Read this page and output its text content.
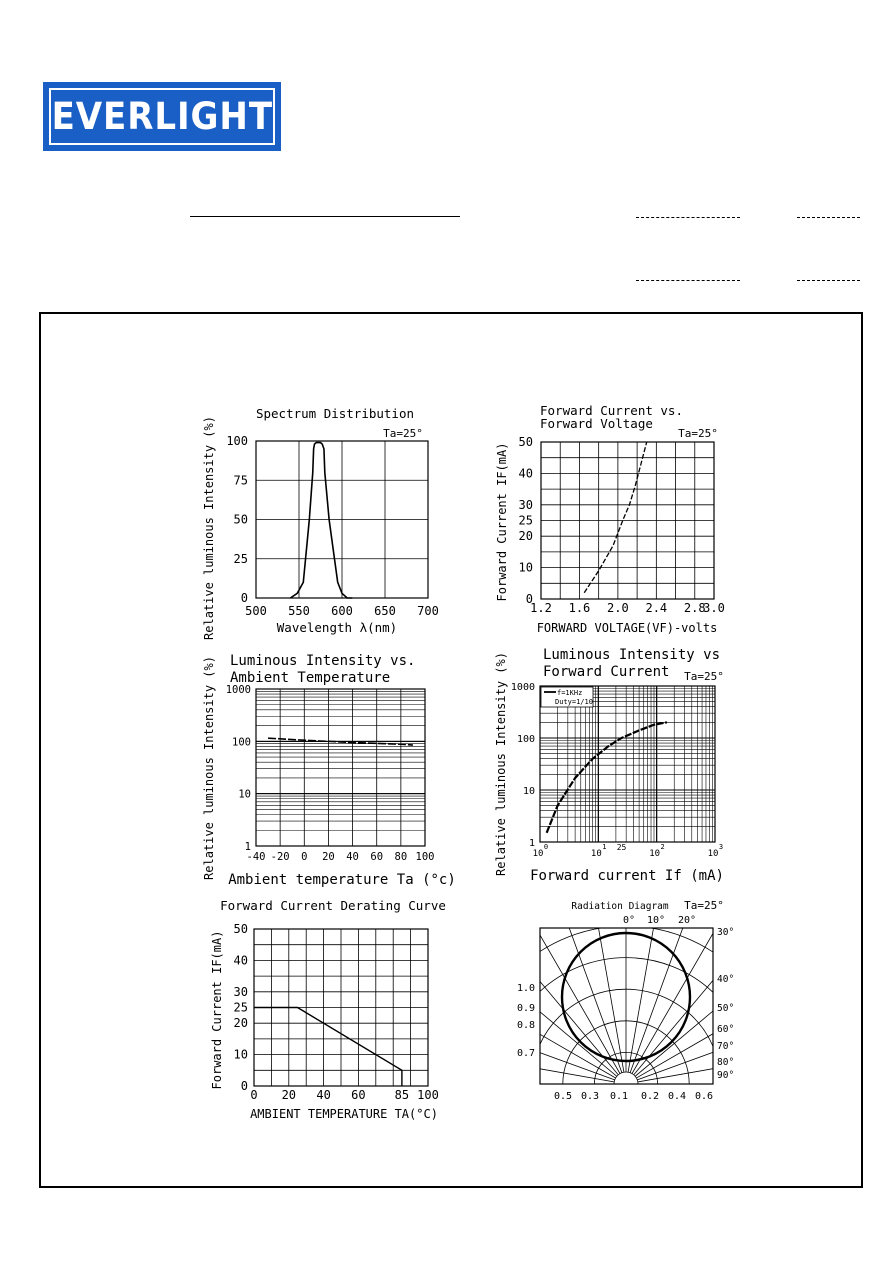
EVERLIGHT
Spectrum Distribution
Ta=25°
500 550 600 650 700
0
25
50
75
100
Wavelength λ(nm)
Relative luminous Intensity (%)
Forward Current vs.
Forward Voltage
Ta=25°
1.2 1.6 2.0 2.4 2.8
3.0
0
10
20
25
30
40
50
FORWARD VOLTAGE(VF)-volts
Forward Current IF(mA)
Luminous Intensity vs.
Ambient Temperature
-40 -20 0 20 40 60 80 100
1
10
100
1000
Ambient temperature Ta (°c)
Relative luminous Intensity (%)
Luminous Intensity vs
Forward Current Ta=25°
10
0
10
1 25
10
2
10
3
1
10
100
1000
Forward current If (mA)
Relative luminous Intensity (%)	f=1KHz
Duty=1/10
Forward Current Derating Curve
0 20 40 60 85 100
0
10
20
25
30
40
50
AMBIENT TEMPERATURE TA(°C)
Forward Current IF(mA)
Radiation Diagram Ta=25°
0° 10° 20°
30°
40°
50°
60°
70°
80°
90°
1.0
0.9
0.8
0.7
0.5 0.3 0.1 0.2 0.4 0.6
